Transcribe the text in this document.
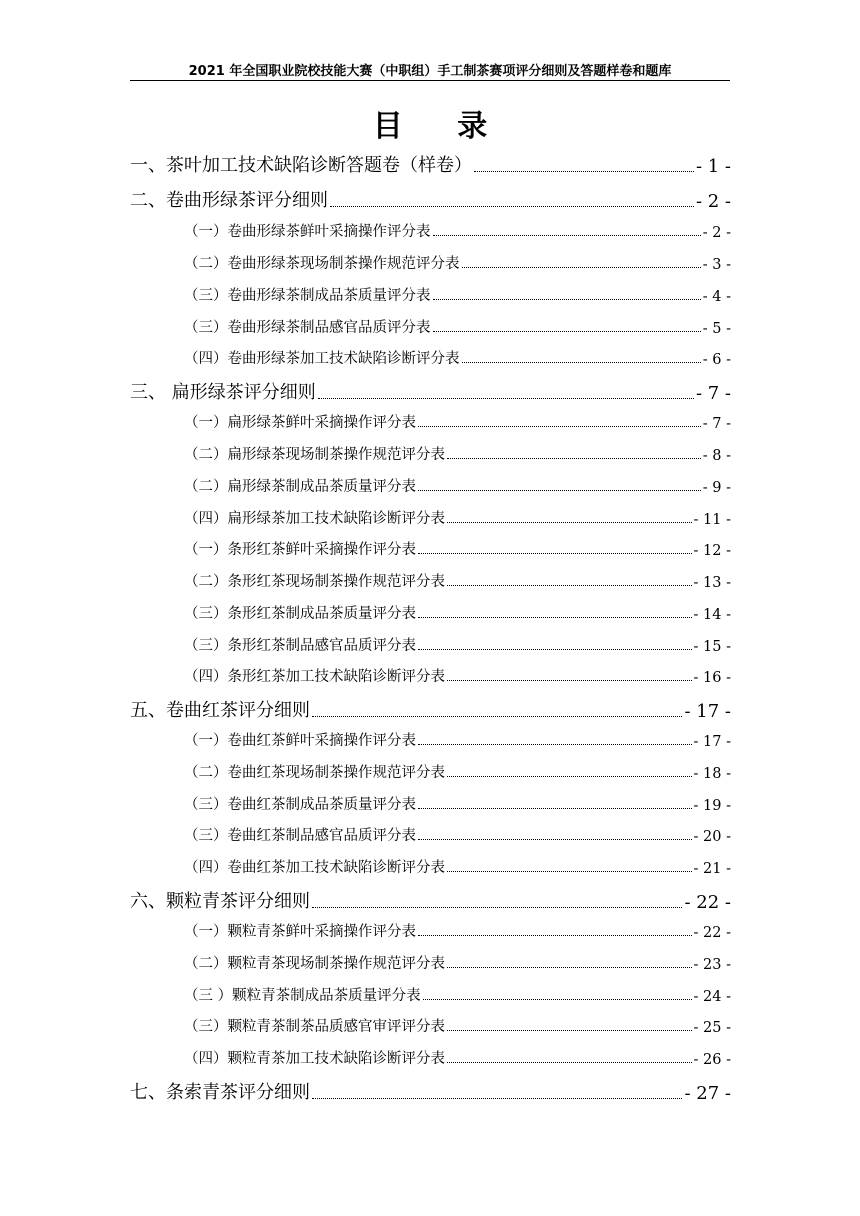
2021 年全国职业院校技能大赛（中职组）手工制茶赛项评分细则及答题样卷和题库
目 录
一、茶叶加工技术缺陷诊断答题卷（样卷）	- 1 -
二、卷曲形绿茶评分细则	- 2 -
（一）卷曲形绿茶鲜叶采摘操作评分表	- 2 -
（二）卷曲形绿茶现场制茶操作规范评分表	- 3 -
（三）卷曲形绿茶制成品茶质量评分表	- 4 -
（三）卷曲形绿茶制品感官品质评分表	- 5 -
（四）卷曲形绿茶加工技术缺陷诊断评分表	- 6 -
三、 扁形绿茶评分细则	- 7 -
（一）扁形绿茶鲜叶采摘操作评分表	- 7 -
（二）扁形绿茶现场制茶操作规范评分表	- 8 -
（二）扁形绿茶制成品茶质量评分表	- 9 -
（四）扁形绿茶加工技术缺陷诊断评分表	- 11 -
（一）条形红茶鲜叶采摘操作评分表	- 12 -
（二）条形红茶现场制茶操作规范评分表	- 13 -
（三）条形红茶制成品茶质量评分表	- 14 -
（三）条形红茶制品感官品质评分表	- 15 -
（四）条形红茶加工技术缺陷诊断评分表	- 16 -
五、卷曲红茶评分细则	- 17 -
（一）卷曲红茶鲜叶采摘操作评分表	- 17 -
（二）卷曲红茶现场制茶操作规范评分表	- 18 -
（三）卷曲红茶制成品茶质量评分表	- 19 -
（三）卷曲红茶制品感官品质评分表	- 20 -
（四）卷曲红茶加工技术缺陷诊断评分表	- 21 -
六、颗粒青茶评分细则	- 22 -
（一）颗粒青茶鲜叶采摘操作评分表	- 22 -
（二）颗粒青茶现场制茶操作规范评分表	- 23 -
（三 ）颗粒青茶制成品茶质量评分表	- 24 -
（三）颗粒青茶制茶品质感官审评评分表	- 25 -
（四）颗粒青茶加工技术缺陷诊断评分表	- 26 -
七、条索青茶评分细则	- 27 -
